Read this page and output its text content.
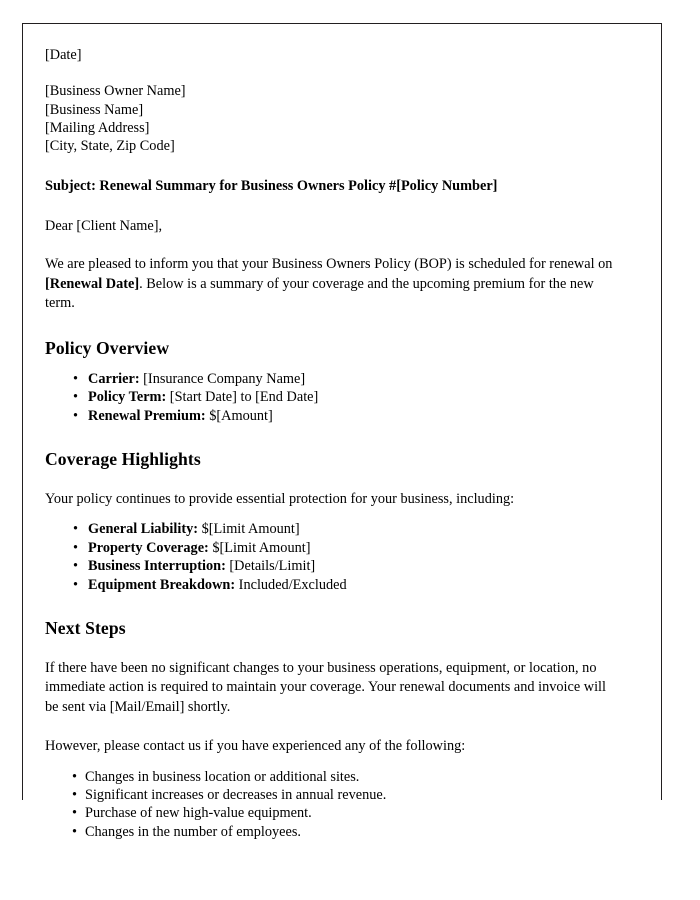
[Date]
[Business Owner Name]
[Business Name]
[Mailing Address]
[City, State, Zip Code]
Subject: Renewal Summary for Business Owners Policy #[Policy Number]
Dear [Client Name],

We are pleased to inform you that your Business Owners Policy (BOP) is scheduled for renewal on [Renewal Date]. Below is a summary of your coverage and the upcoming premium for the new term.

Policy Overview
• Carrier: [Insurance Company Name]
• Policy Term: [Start Date] to [End Date]
• Renewal Premium: $[Amount]
Coverage Highlights

Your policy continues to provide essential protection for your business, including:

• General Liability: $[Limit Amount]
• Property Coverage: $[Limit Amount]
• Business Interruption: [Details/Limit]
• Equipment Breakdown: Included/Excluded
Next Steps

If there have been no significant changes to your business operations, equipment, or location, no immediate action is required to maintain your coverage. Your renewal documents and invoice will be sent via [Mail/Email] shortly.

However, please contact us if you have experienced any of the following:

• Changes in business location or additional sites.
• Significant increases or decreases in annual revenue.
• Purchase of new high-value equipment.
• Changes in the number of employees.
